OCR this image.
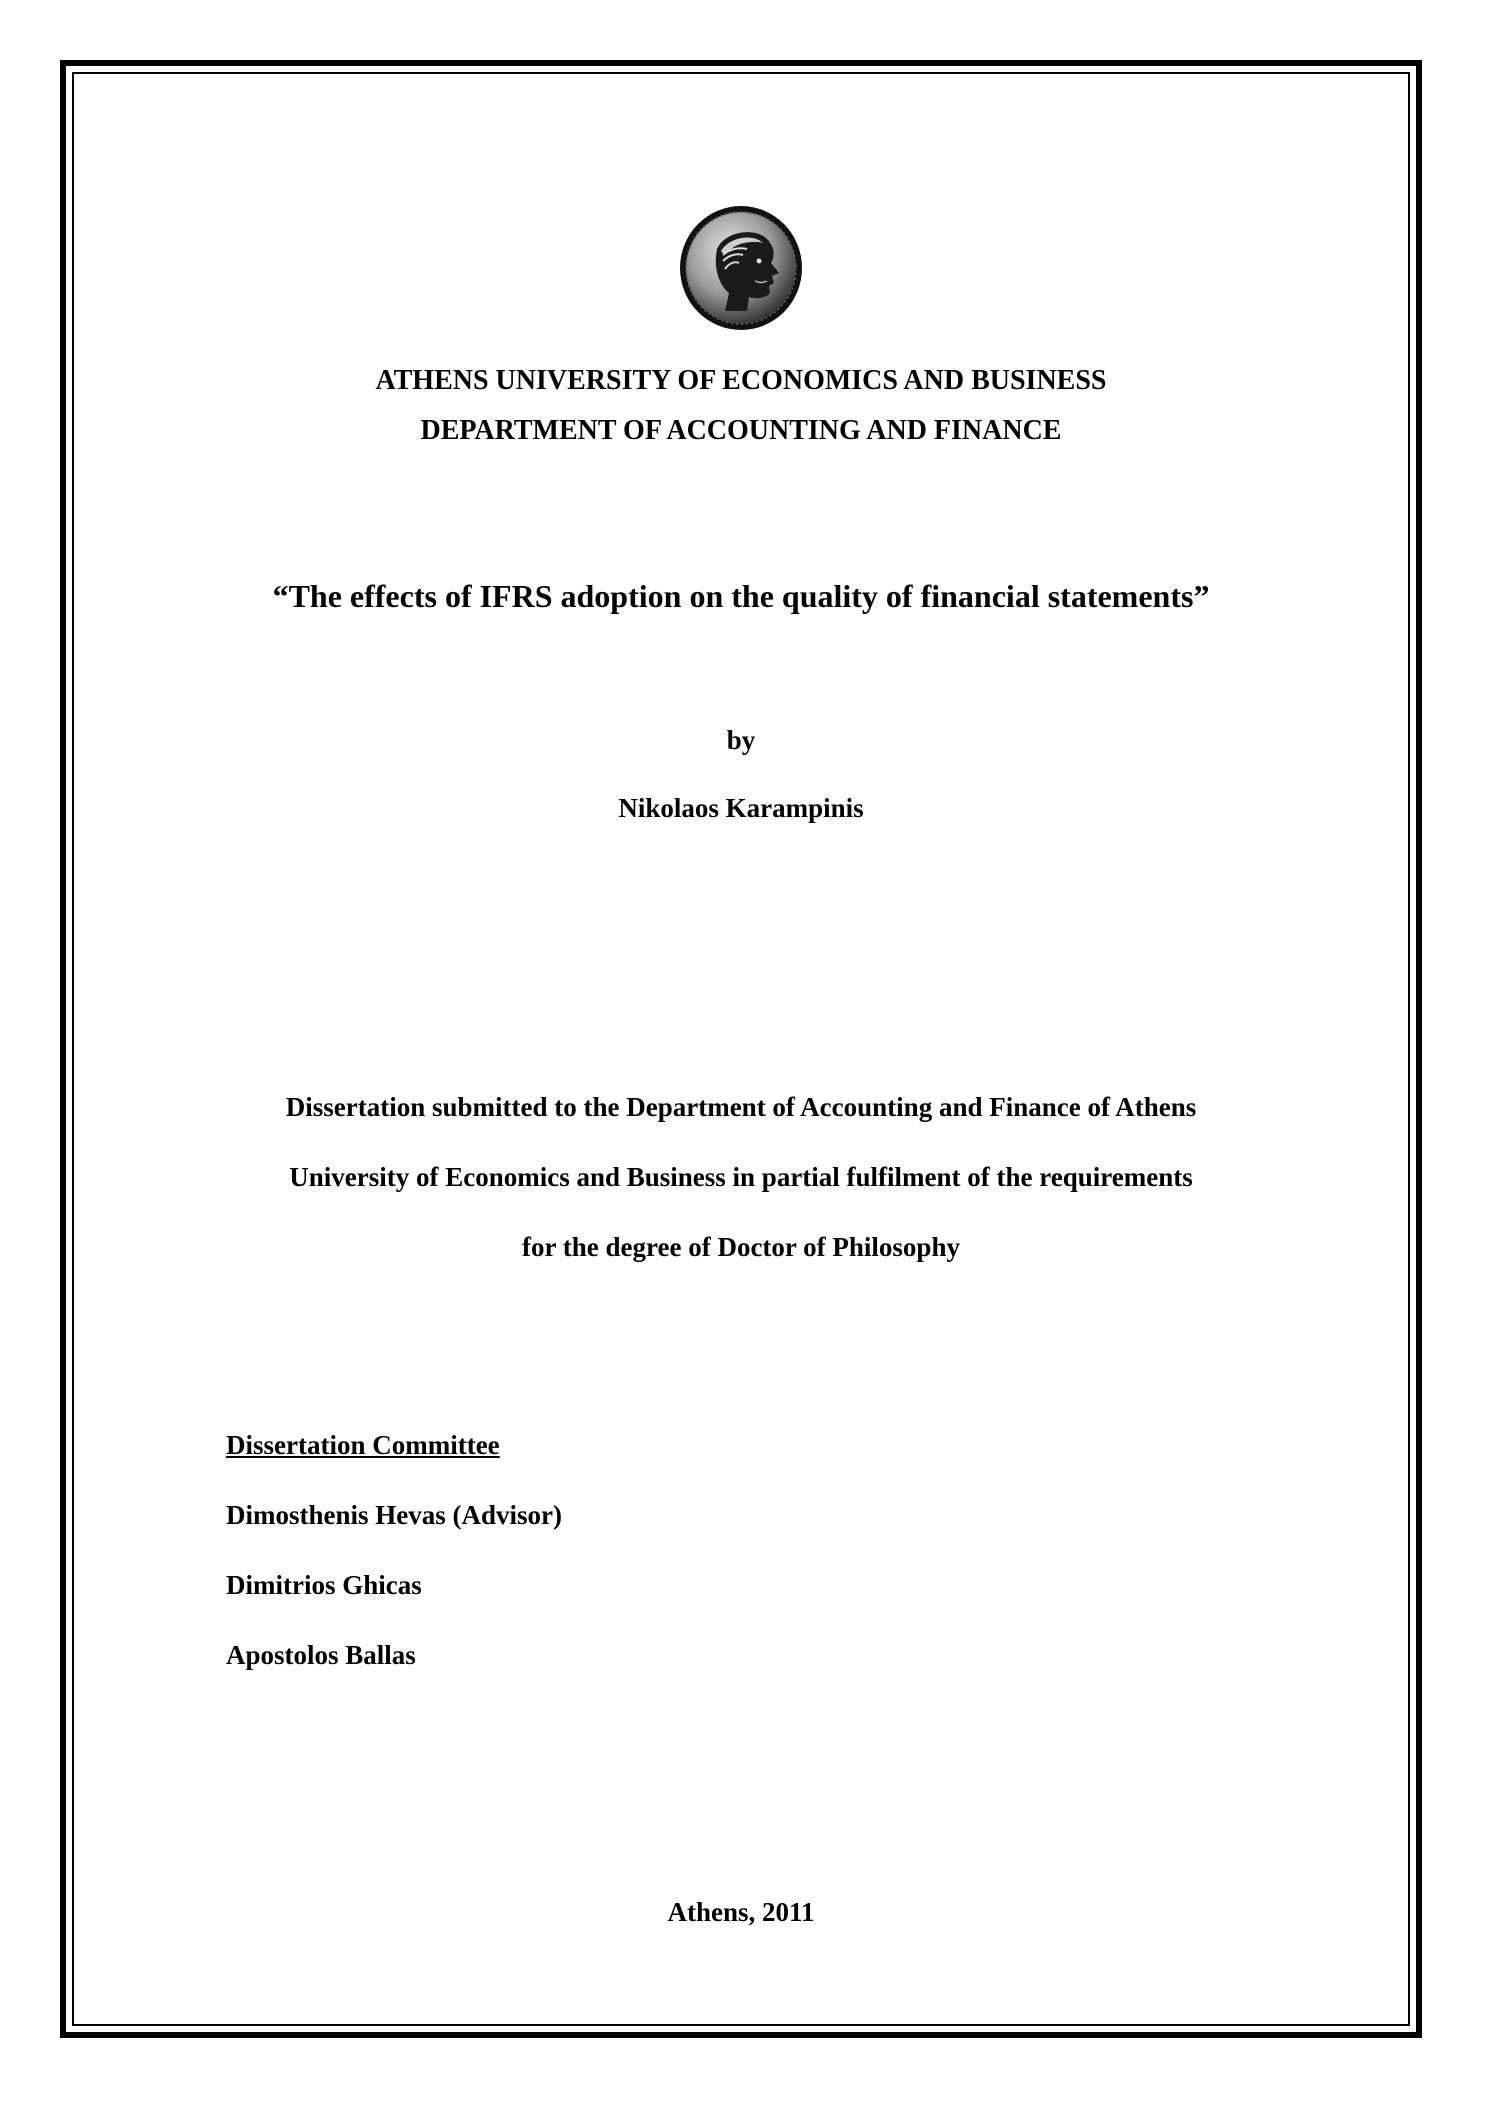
ATHENS UNIVERSITY OF ECONOMICS AND BUSINESS
DEPARTMENT OF ACCOUNTING AND FINANCE
“The effects of IFRS adoption on the quality of financial statements”
by
Nikolaos Karampinis
Dissertation submitted to the Department of Accounting and Finance of Athens
University of Economics and Business in partial fulfilment of the requirements
for the degree of Doctor of Philosophy
Dissertation Committee
Dimosthenis Hevas (Advisor)
Dimitrios Ghicas
Apostolos Ballas
Athens, 2011
